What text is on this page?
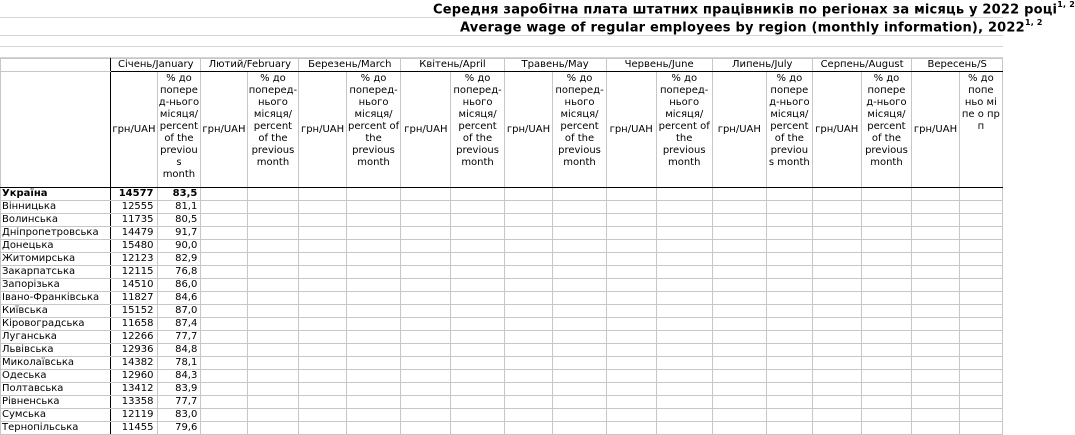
Середня заробітна плата штатних працівників по регіонах за місяць у 2022 році$^{1, 2}$
Average wage of regular employees by region (monthly information), 2022$^{1, 2}$
	Січень/January		Лютий/February		Березень/March		Квітень/April		Травень/May		Червень/June		Липень/July		Серпень/August		Вересень/S	
	грн/UAH	% до попере д-нього місяця/ percent of the previou s month	грн/UAH	% до поперед- нього місяця/ percent of the previous month	грн/UAH	% до поперед- нього місяця/ percent of the previous month	грн/UAH	% до поперед- нього місяця/ percent of the previous month	грн/UAH	% до поперед- нього місяця/ percent of the previous month	грн/UAH	% до поперед- нього місяця/ percent of the previous month	грн/UAH	% до попере д-нього місяця/ percent of the previou s month	грн/UAH	% до попере д-нього місяця/ percent of the previous month	грн/UAH	% до попе ньо мі пе о пр п
Україна	14577	83,5																
Вінницька	12555	81,1																
Волинська	11735	80,5																
Дніпропетровська	14479	91,7																
Донецька	15480	90,0																
Житомирська	12123	82,9																
Закарпатська	12115	76,8																
Запорізька	14510	86,0																
Івано-Франківська	11827	84,6																
Київська	15152	87,0																
Кіровоградська	11658	87,4																
Луганська	12266	77,7																
Львівська	12936	84,8																
Миколаївська	14382	78,1																
Одеська	12960	84,3																
Полтавська	13412	83,9																
Рівненська	13358	77,7																
Сумська	12119	83,0																
Тернопільська	11455	79,6																
